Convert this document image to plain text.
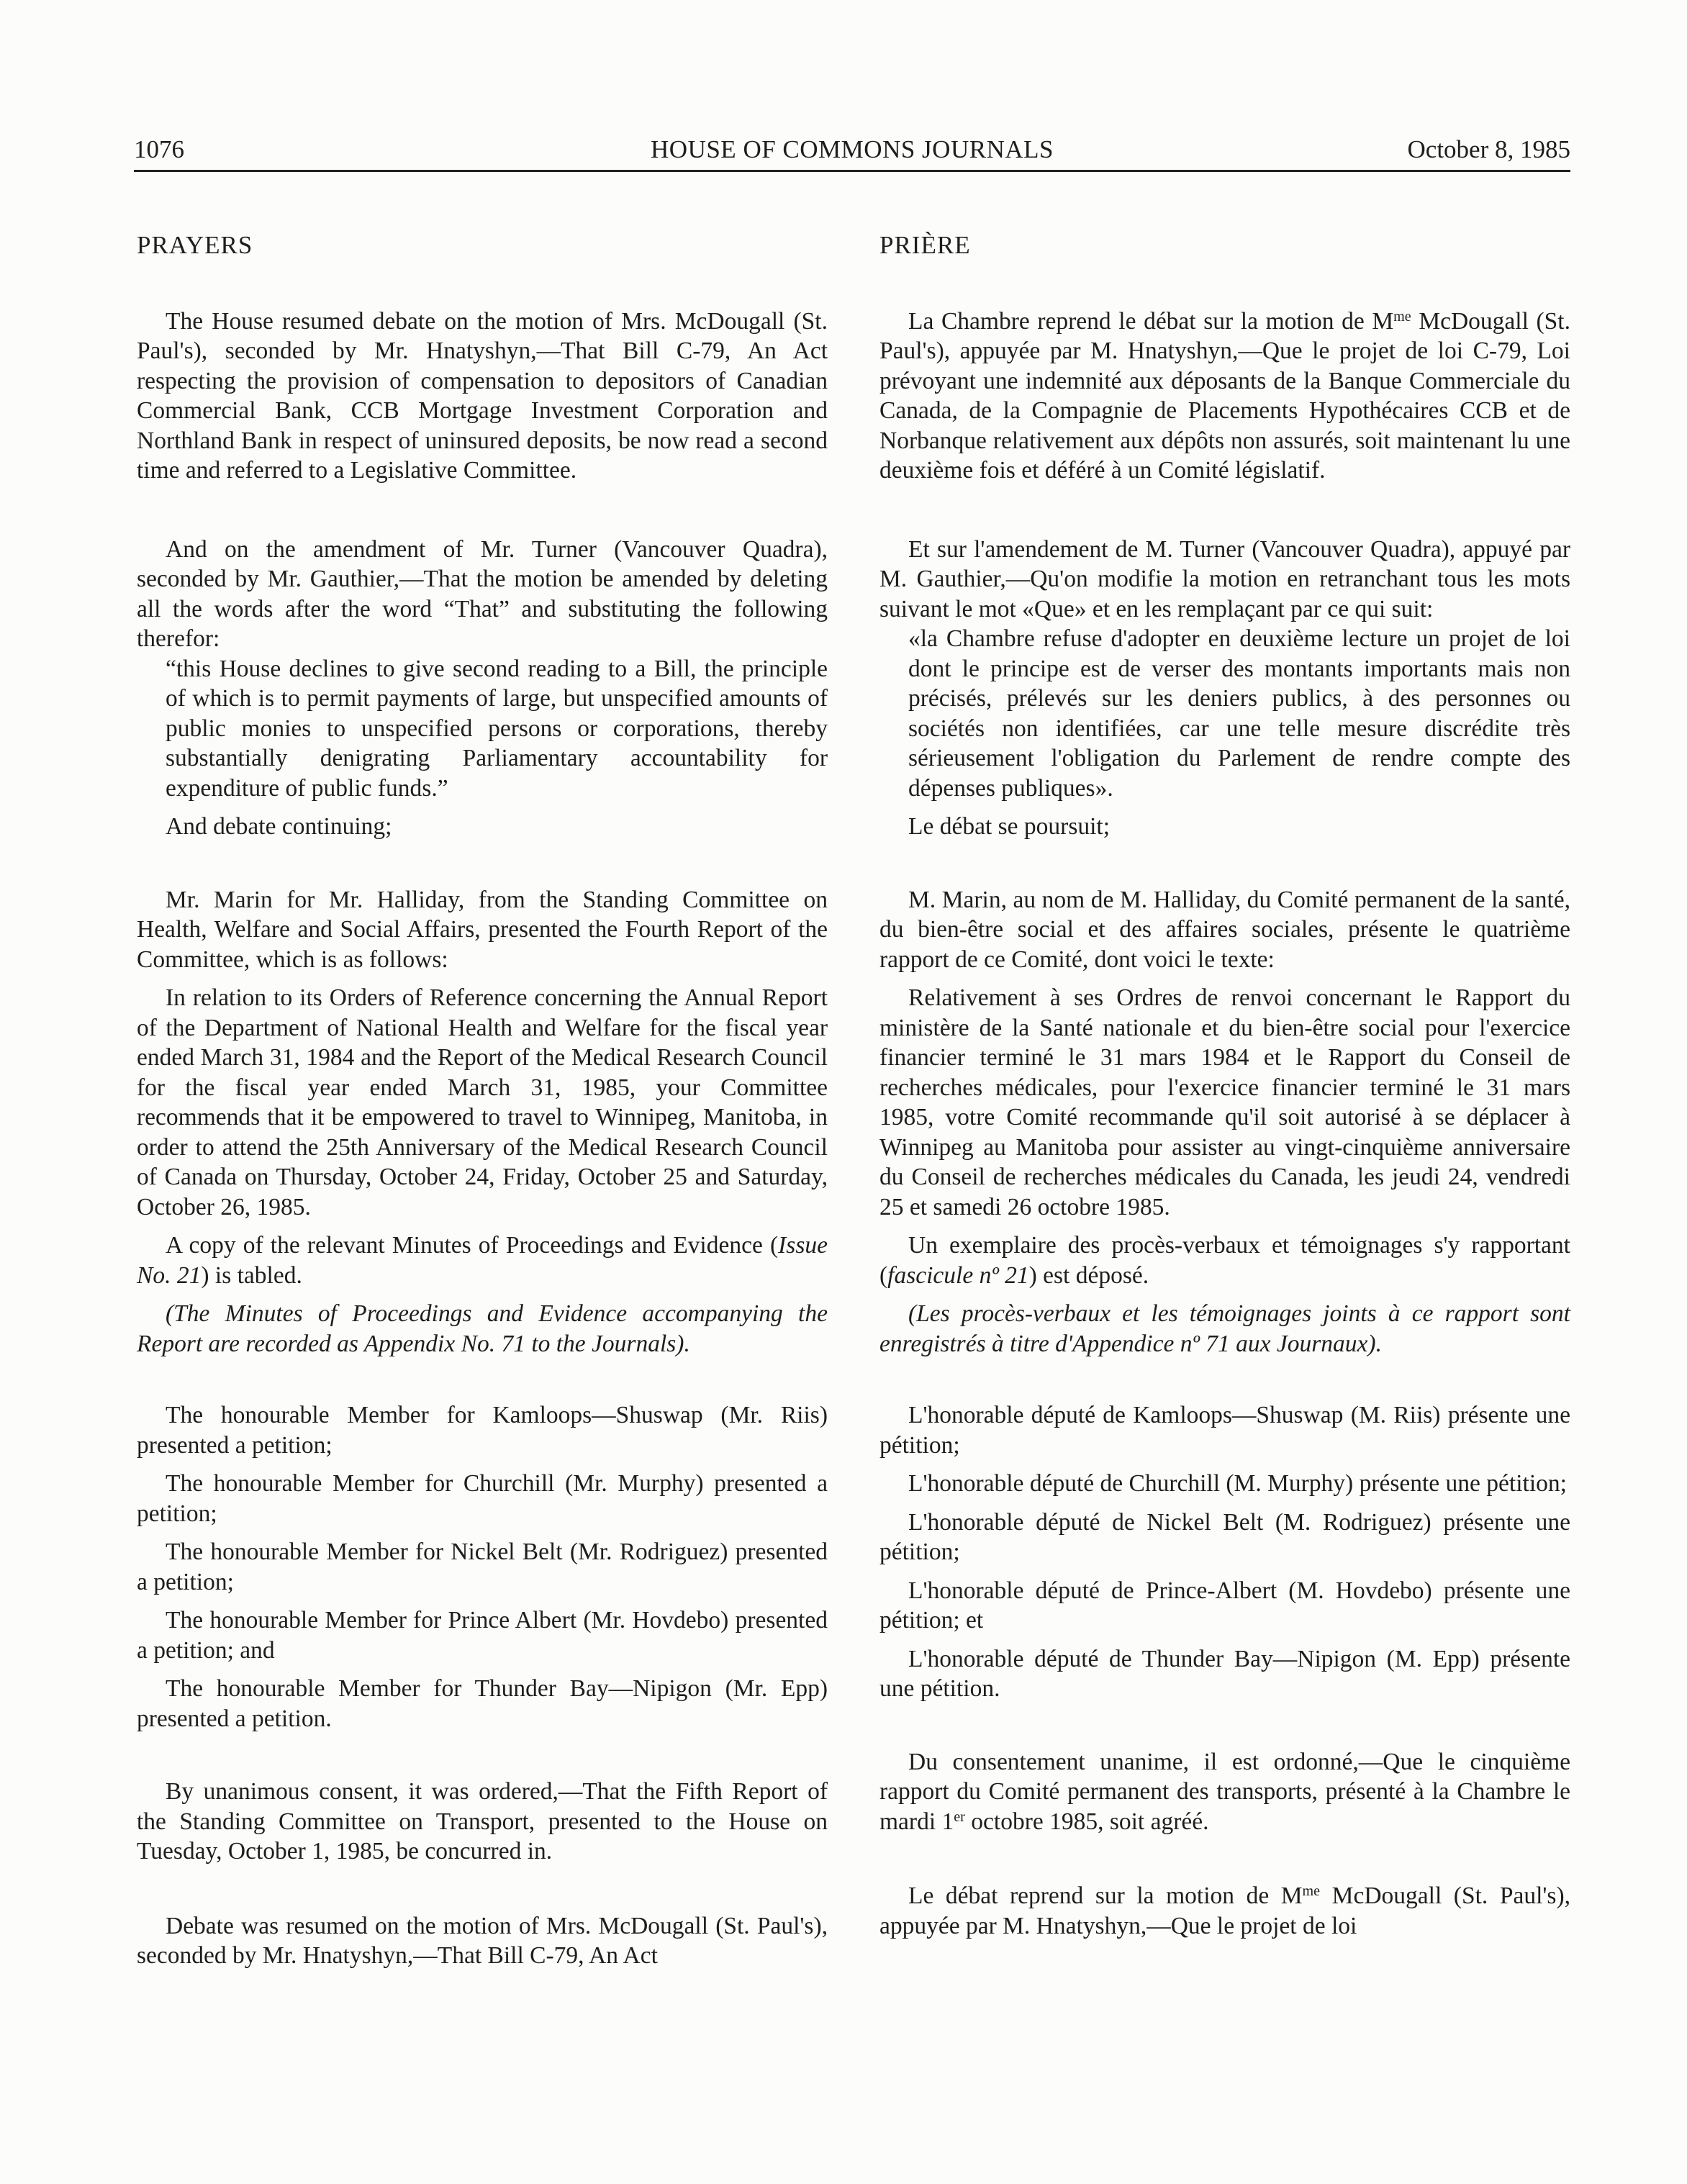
1076	HOUSE OF COMMONS JOURNALS	October 8, 1985

PRAYERS

The House resumed debate on the motion of Mrs. McDougall (St. Paul's), seconded by Mr. Hnatyshyn,—That Bill C-79, An Act respecting the provision of compensation to depositors of Canadian Commercial Bank, CCB Mortgage Investment Corporation and Northland Bank in respect of uninsured deposits, be now read a second time and referred to a Legislative Committee.

And on the amendment of Mr. Turner (Vancouver Quadra), seconded by Mr. Gauthier,—That the motion be amended by deleting all the words after the word “That” and substituting the following therefor:

“this House declines to give second reading to a Bill, the principle of which is to permit payments of large, but unspecified amounts of public monies to unspecified persons or corporations, thereby substantially denigrating Parliamentary accountability for expenditure of public funds.”

And debate continuing;

Mr. Marin for Mr. Halliday, from the Standing Committee on Health, Welfare and Social Affairs, presented the Fourth Report of the Committee, which is as follows:

In relation to its Orders of Reference concerning the Annual Report of the Department of National Health and Welfare for the fiscal year ended March 31, 1984 and the Report of the Medical Research Council for the fiscal year ended March 31, 1985, your Committee recommends that it be empowered to travel to Winnipeg, Manitoba, in order to attend the 25th Anniversary of the Medical Research Council of Canada on Thursday, October 24, Friday, October 25 and Saturday, October 26, 1985.

A copy of the relevant Minutes of Proceedings and Evidence (Issue No. 21) is tabled.

(The Minutes of Proceedings and Evidence accompanying the Report are recorded as Appendix No. 71 to the Journals).

The honourable Member for Kamloops—Shuswap (Mr. Riis) presented a petition;

The honourable Member for Churchill (Mr. Murphy) presented a petition;

The honourable Member for Nickel Belt (Mr. Rodriguez) presented a petition;

The honourable Member for Prince Albert (Mr. Hovdebo) presented a petition; and

The honourable Member for Thunder Bay—Nipigon (Mr. Epp) presented a petition.

By unanimous consent, it was ordered,—That the Fifth Report of the Standing Committee on Transport, presented to the House on Tuesday, October 1, 1985, be concurred in.

Debate was resumed on the motion of Mrs. McDougall (St. Paul's), seconded by Mr. Hnatyshyn,—That Bill C-79, An Act

PRIÈRE

La Chambre reprend le débat sur la motion de $M^{me}$ McDougall (St. Paul's), appuyée par M. Hnatyshyn,—Que le projet de loi C-79, Loi prévoyant une indemnité aux déposants de la Banque Commerciale du Canada, de la Compagnie de Placements Hypothécaires CCB et de Norbanque relativement aux dépôts non assurés, soit maintenant lu une deuxième fois et déféré à un Comité législatif.

Et sur l'amendement de M. Turner (Vancouver Quadra), appuyé par M. Gauthier,—Qu'on modifie la motion en retranchant tous les mots suivant le mot «Que» et en les remplaçant par ce qui suit:

«la Chambre refuse d'adopter en deuxième lecture un projet de loi dont le principe est de verser des montants importants mais non précisés, prélevés sur les deniers publics, à des personnes ou sociétés non identifiées, car une telle mesure discrédite très sérieusement l'obligation du Parlement de rendre compte des dépenses publiques».

Le débat se poursuit;

M. Marin, au nom de M. Halliday, du Comité permanent de la santé, du bien-être social et des affaires sociales, présente le quatrième rapport de ce Comité, dont voici le texte:

Relativement à ses Ordres de renvoi concernant le Rapport du ministère de la Santé nationale et du bien-être social pour l'exercice financier terminé le 31 mars 1984 et le Rapport du Conseil de recherches médicales, pour l'exercice financier terminé le 31 mars 1985, votre Comité recommande qu'il soit autorisé à se déplacer à Winnipeg au Manitoba pour assister au vingt-cinquième anniversaire du Conseil de recherches médicales du Canada, les jeudi 24, vendredi 25 et samedi 26 octobre 1985.

Un exemplaire des procès-verbaux et témoignages s'y rapportant (fascicule nº 21) est déposé.

(Les procès-verbaux et les témoignages joints à ce rapport sont enregistrés à titre d'Appendice nº 71 aux Journaux).

L'honorable député de Kamloops—Shuswap (M. Riis) présente une pétition;

L'honorable député de Churchill (M. Murphy) présente une pétition;

L'honorable député de Nickel Belt (M. Rodriguez) présente une pétition;

L'honorable député de Prince-Albert (M. Hovdebo) présente une pétition; et

L'honorable député de Thunder Bay—Nipigon (M. Epp) présente une pétition.

Du consentement unanime, il est ordonné,—Que le cinquième rapport du Comité permanent des transports, présenté à la Chambre le mardi 1er octobre 1985, soit agréé.

Le débat reprend sur la motion de $M^{me}$ McDougall (St. Paul's), appuyée par M. Hnatyshyn,—Que le projet de loi
